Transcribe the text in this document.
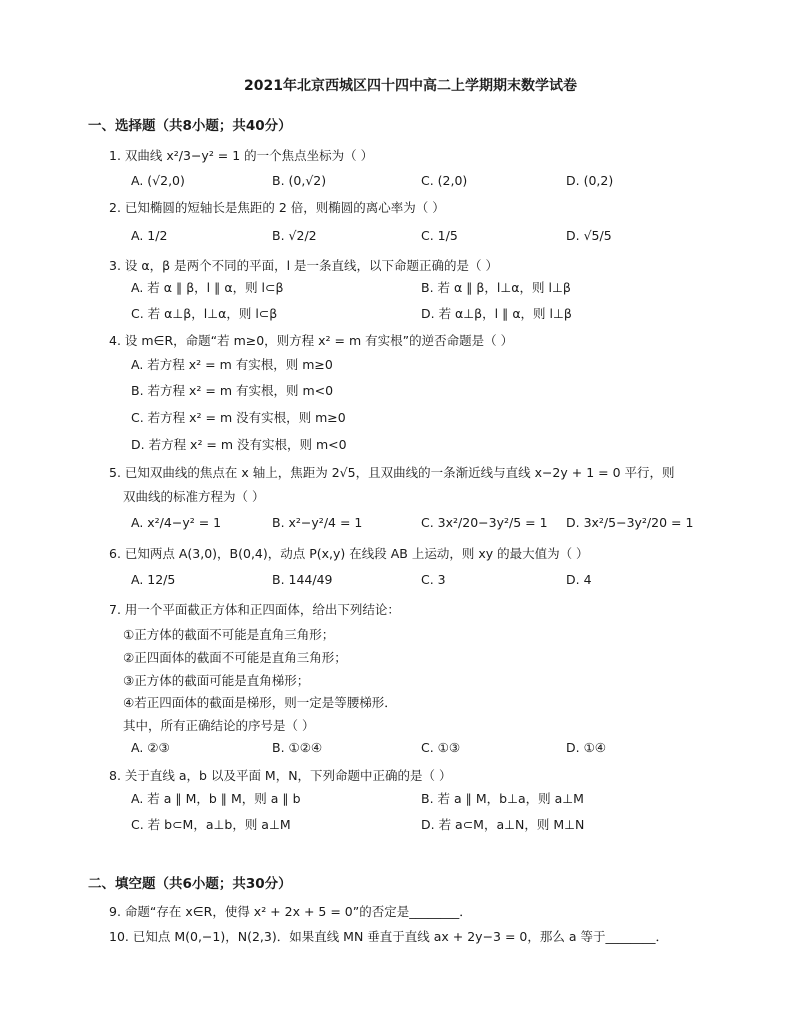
2021年北京西城区四十四中高二上学期期末数学试卷
一、选择题（共8小题；共40分）
1. 双曲线 x²/3−y² = 1 的一个焦点坐标为（ ）
A. (√2,0)	B. (0,√2)	C. (2,0)	D. (0,2)
2. 已知椭圆的短轴长是焦距的 2 倍，则椭圆的离心率为（ ）
A. 1/2	B. √2/2	C. 1/5	D. √5/5
3. 设 α，β 是两个不同的平面，l 是一条直线，以下命题正确的是（ ）
A. 若 α ∥ β，l ∥ α，则 l⊂β	B. 若 α ∥ β，l⊥α，则 l⊥β
C. 若 α⊥β，l⊥α，则 l⊂β	D. 若 α⊥β，l ∥ α，则 l⊥β
4. 设 m∈R，命题“若 m≥0，则方程 x² = m 有实根”的逆否命题是（ ）
A. 若方程 x² = m 有实根，则 m≥0
B. 若方程 x² = m 有实根，则 m<0
C. 若方程 x² = m 没有实根，则 m≥0
D. 若方程 x² = m 没有实根，则 m<0
5. 已知双曲线的焦点在 x 轴上，焦距为 2√5，且双曲线的一条渐近线与直线 x−2y + 1 = 0 平行，则
双曲线的标准方程为（ ）
A. x²/4−y² = 1	B. x²−y²/4 = 1	C. 3x²/20−3y²/5 = 1 D. 3x²/5−3y²/20 = 1
6. 已知两点 A(3,0)，B(0,4)，动点 P(x,y) 在线段 AB 上运动，则 xy 的最大值为（ ）
A. 12/5	B. 144/49	C. 3	D. 4
7. 用一个平面截正方体和正四面体，给出下列结论：
①正方体的截面不可能是直角三角形；
②正四面体的截面不可能是直角三角形；
③正方体的截面可能是直角梯形；
④若正四面体的截面是梯形，则一定是等腰梯形．
其中，所有正确结论的序号是（ ）
A. ②③	B. ①②④	C. ①③	D. ①④
8. 关于直线 a，b 以及平面 M，N，下列命题中正确的是（ ）
A. 若 a ∥ M，b ∥ M，则 a ∥ b	B. 若 a ∥ M，b⊥a，则 a⊥M
C. 若 b⊂M，a⊥b，则 a⊥M	D. 若 a⊂M，a⊥N，则 M⊥N
二、填空题（共6小题；共30分）
9. 命题“存在 x∈R，使得 x² + 2x + 5 = 0”的否定是________．
10. 已知点 M(0,−1)，N(2,3)．如果直线 MN 垂直于直线 ax + 2y−3 = 0，那么 a 等于________．
